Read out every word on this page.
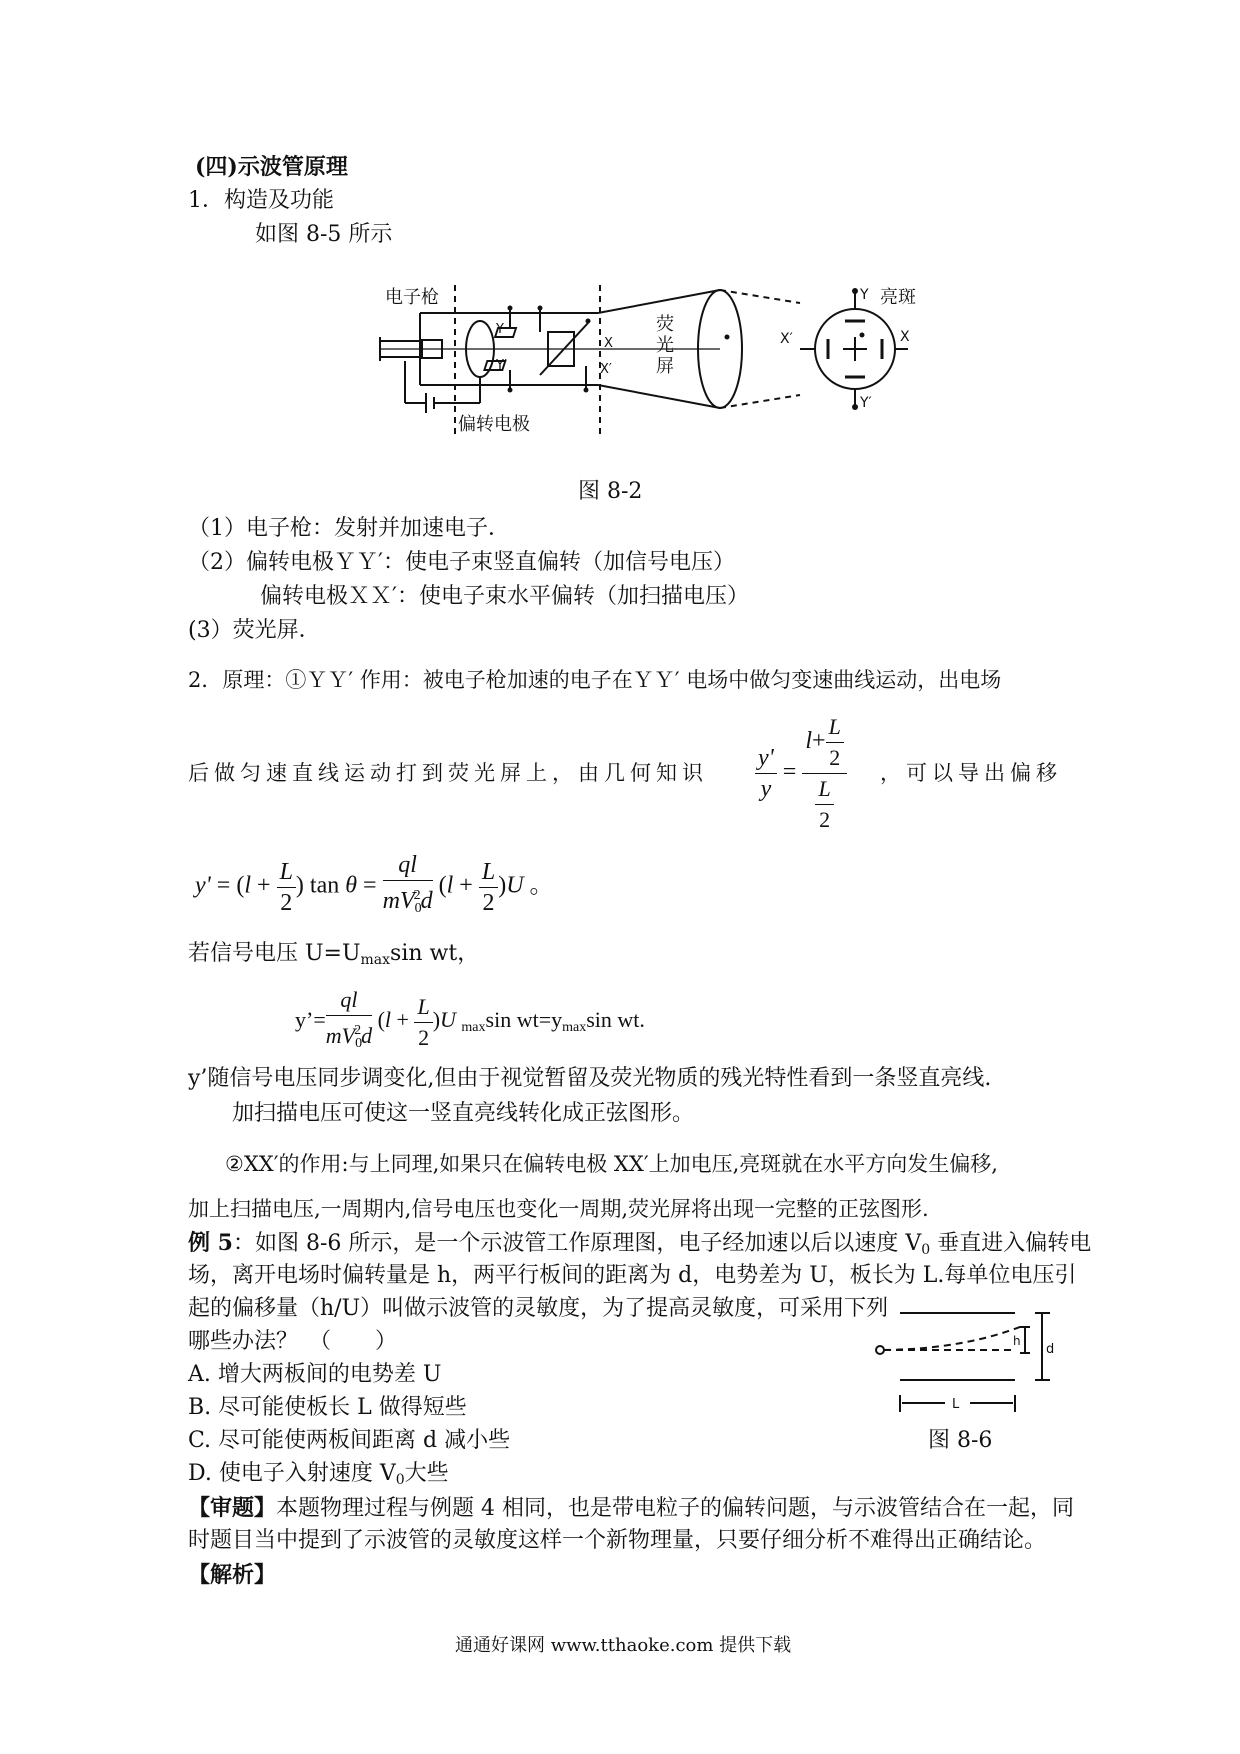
(四)示波管原理
1．构造及功能
如图 8-5 所示
电子枪
偏转电极
荧
光
屏
亮斑
Y
Y′
X′	X
Y
Y′
X
X′
图 8-2
（1）电子枪：发射并加速电子．
（2）偏转电极ＹＹ′：使电子束竖直偏转（加信号电压）
偏转电极ＸＸ′：使电子束水平偏转（加扫描电压）
(3）荧光屏．
2．原理：①ＹＹ′ 作用：被电子枪加速的电子在ＹＹ′ 电场中做匀变速曲线运动，出电场
后做匀速直线运动打到荧光屏上，由几何知识 $\frac{y'}{y} = \frac{l+ \frac{L}{2}}{\frac{L}{2}}$ ，可以导出偏移
$y' = (l + \frac{L}{2}$ ) $\tan \theta = \frac{ql}{mV_0^2d} (l + \frac{L}{2} )U$ 。
若信号电压 $U=U_{max}\sin$ wt，
y’= $\frac{ql}{mV_0^2d} (l + \frac{L}{2} )U$ $_{max}$sin $wt=y_{max}\sin$ wt.
y’随信号电压同步调变化,但由于视觉暂留及荧光物质的残光特性看到一条竖直亮线.
加扫描电压可使这一竖直亮线转化成正弦图形。
②XX′的作用:与上同理,如果只在偏转电极 XX′上加电压,亮斑就在水平方向发生偏移,
加上扫描电压,一周期内,信号电压也变化一周期,荧光屏将出现一完整的正弦图形.
例 5：如图 8-6 所示，是一个示波管工作原理图，电子经加速以后以速度 $V_0$ 垂直进入偏转电
场，离开电场时偏转量是 h，两平行板间的距离为 d，电势差为 U，板长为 L.每单位电压引
起的偏移量（h/U）叫做示波管的灵敏度，为了提高灵敏度，可采用下列
哪些办法？　（　　）
A. 增大两板间的电势差 U
B. 尽可能使板长 L 做得短些
C. 尽可能使两板间距离 d 减小些
D. 使电子入射速度 $V_0$大些
h
d
L
图 8-6
【审题】本题物理过程与例题 4 相同，也是带电粒子的偏转问题，与示波管结合在一起，同
时题目当中提到了示波管的灵敏度这样一个新物理量，只要仔细分析不难得出正确结论。
【解析】
通通好课网 www.tthaoke.com 提供下载
